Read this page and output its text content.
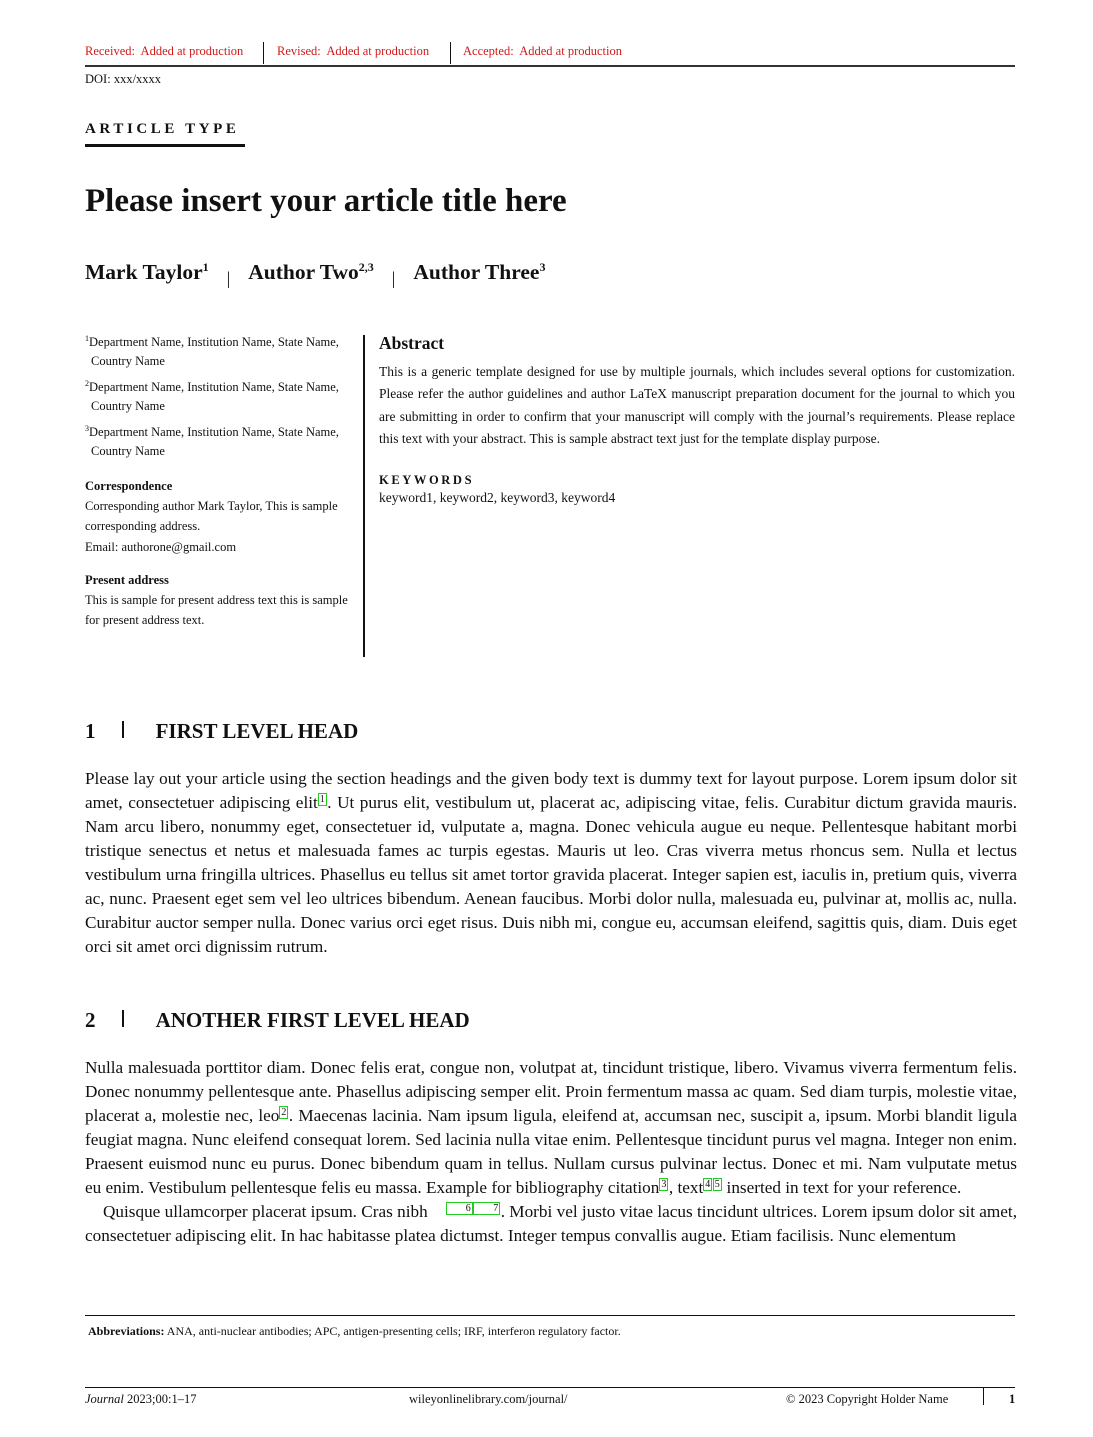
Received: Added at production	Revised: Added at production	Accepted: Added at production
DOI: xxx/xxxx
ARTICLE TYPE
Please insert your article title here
Mark Taylor$^1_|$ Author Two$^{2,3}_|$ Author Three$^3$
$^1$Department Name, Institution Name, State Name, Country Name
$^2$Department Name, Institution Name, State Name, Country Name
$^3$Department Name, Institution Name, State Name, Country Name
Correspondence
Corresponding author Mark Taylor, This is sample corresponding address.
Email: authorone@gmail.com
Present address
This is sample for present address text this is sample for present address text.
Abstract

This is a generic template designed for use by multiple journals, which includes several options for customization. Please refer the author guidelines and author LaTeX manuscript preparation document for the journal to which you are submitting in order to confirm that your manuscript will comply with the journal’s requirements. Please replace this text with your abstract. This is sample abstract text just for the template display purpose.

KEYWORDS
keyword1, keyword2, keyword3, keyword4
1	FIRST LEVEL HEAD

Please lay out your article using the section headings and the given body text is dummy text for layout purpose. Lorem ipsum dolor sit amet, consectetuer adipiscing elit 1 . Ut purus elit, vestibulum ut, placerat ac, adipiscing vitae, felis. Curabitur dictum gravida mauris. Nam arcu libero, nonummy eget, consectetuer id, vulputate a, magna. Donec vehicula augue eu neque. Pellentesque habitant morbi tristique senectus et netus et malesuada fames ac turpis egestas. Mauris ut leo. Cras viverra metus rhoncus sem. Nulla et lectus vestibulum urna fringilla ultrices. Phasellus eu tellus sit amet tortor gravida placerat. Integer sapien est, iaculis in, pretium quis, viverra ac, nunc. Praesent eget sem vel leo ultrices bibendum. Aenean faucibus. Morbi dolor nulla, malesuada eu, pulvinar at, mollis ac, nulla. Curabitur auctor semper nulla. Donec varius orci eget risus. Duis nibh mi, congue eu, accumsan eleifend, sagittis quis, diam. Duis eget orci sit amet orci dignissim rutrum.

2	ANOTHER FIRST LEVEL HEAD

Nulla malesuada porttitor diam. Donec felis erat, congue non, volutpat at, tincidunt tristique, libero. Vivamus viverra fermentum felis. Donec nonummy pellentesque ante. Phasellus adipiscing semper elit. Proin fermentum massa ac quam. Sed diam turpis, molestie vitae, placerat a, molestie nec, leo 2 . Maecenas lacinia. Nam ipsum ligula, eleifend at, accumsan nec, suscipit a, ipsum. Morbi blandit ligula feugiat magna. Nunc eleifend consequat lorem. Sed lacinia nulla vitae enim. Pellentesque tincidunt purus vel magna. Integer non enim. Praesent euismod nunc eu purus. Donec bibendum quam in tellus. Nullam cursus pulvinar lectus. Donec et mi. Nam vulputate metus eu enim. Vestibulum pellentesque felis eu massa. Example for bibliography citation 3 , text 4 5 inserted in text for your reference.

Quisque ullamcorper placerat ipsum. Cras nibh	6 7 . Morbi vel justo vitae lacus tincidunt ultrices. Lorem ipsum dolor sit amet, consectetuer adipiscing elit. In hac habitasse platea dictumst. Integer tempus convallis augue. Etiam facilisis. Nunc elementum

Abbreviations: ANA, anti-nuclear antibodies; APC, antigen-presenting cells; IRF, interferon regulatory factor.
Journal 2023;00:1–17	wileyonlinelibrary.com/journal/	© 2023 Copyright Holder Name	1
